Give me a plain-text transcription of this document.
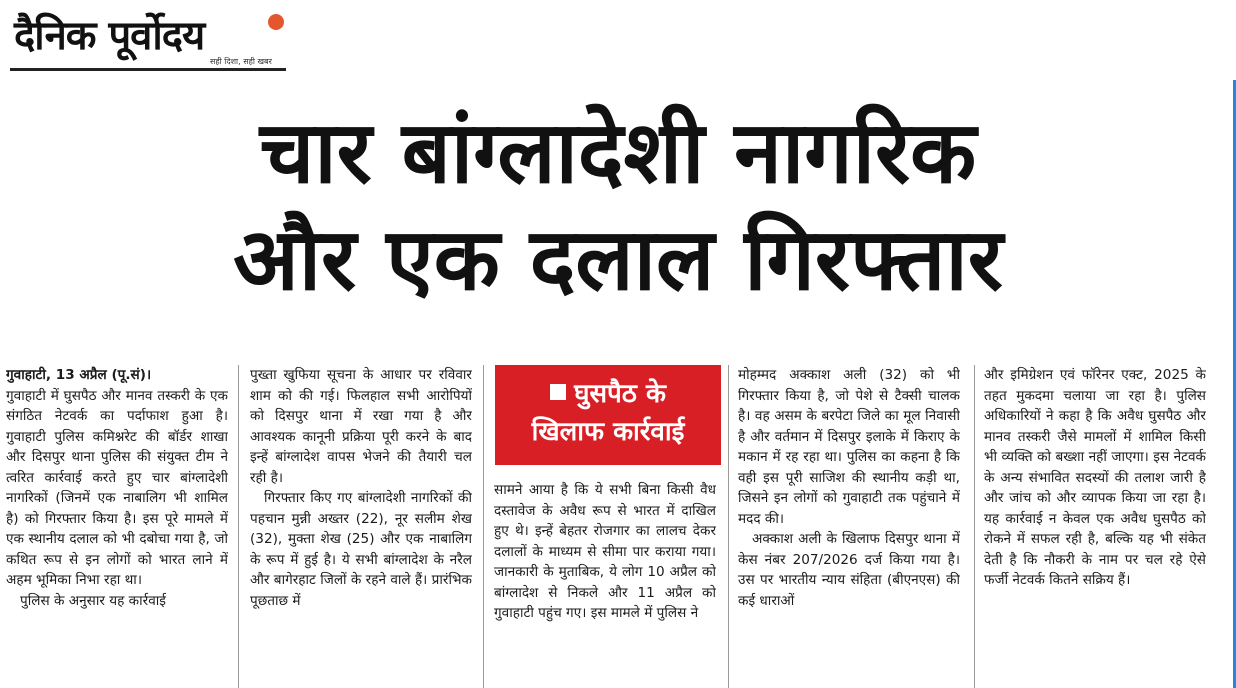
दैनिक पूर्वोदय
सही दिशा, सही खबर
चार बांग्लादेशी नागरिक
और एक दलाल गिरफ्तार

गुवाहाटी, 13 अप्रैल (पू.सं)।

गुवाहाटी में घुसपैठ और मानव तस्करी के एक संगठित नेटवर्क का पर्दाफाश हुआ है। गुवाहाटी पुलिस कमिश्नरेट की बॉर्डर शाखा और दिसपुर थाना पुलिस की संयुक्त टीम ने त्वरित कार्रवाई करते हुए चार बांग्लादेशी नागरिकों (जिनमें एक नाबालिग भी शामिल है) को गिरफ्तार किया है। इस पूरे मामले में एक स्थानीय दलाल को भी दबोचा गया है, जो कथित रूप से इन लोगों को भारत लाने में अहम भूमिका निभा रहा था।

पुलिस के अनुसार यह कार्रवाई

पुख्ता खुफिया सूचना के आधार पर रविवार शाम को की गई। फिलहाल सभी आरोपियों को दिसपुर थाना में रखा गया है और आवश्यक कानूनी प्रक्रिया पूरी करने के बाद इन्हें बांग्लादेश वापस भेजने की तैयारी चल रही है।

गिरफ्तार किए गए बांग्लादेशी नागरिकों की पहचान मुन्नी अख्तर (22), नूर सलीम शेख (32), मुक्ता शेख (25) और एक नाबालिग के रूप में हुई है। ये सभी बांग्लादेश के नरैल और बागेरहाट जिलों के रहने वाले हैं। प्रारंभिक पूछताछ में

घुसपैठ के
खिलाफ कार्रवाई

सामने आया है कि ये सभी बिना किसी वैध दस्तावेज के अवैध रूप से भारत में दाखिल हुए थे। इन्हें बेहतर रोजगार का लालच देकर दलालों के माध्यम से सीमा पार कराया गया। जानकारी के मुताबिक, ये लोग 10 अप्रैल को बांग्लादेश से निकले और 11 अप्रैल को गुवाहाटी पहुंच गए। इस मामले में पुलिस ने

मोहम्मद अक्काश अली (32) को भी गिरफ्तार किया है, जो पेशे से टैक्सी चालक है। वह असम के बरपेटा जिले का मूल निवासी है और वर्तमान में दिसपुर इलाके में किराए के मकान में रह रहा था। पुलिस का कहना है कि वही इस पूरी साजिश की स्थानीय कड़ी था, जिसने इन लोगों को गुवाहाटी तक पहुंचाने में मदद की।

अक्काश अली के खिलाफ दिसपुर थाना में केस नंबर 207/2026 दर्ज किया गया है। उस पर भारतीय न्याय संहिता (बीएनएस) की कई धाराओं

और इमिग्रेशन एवं फॉरेनर एक्ट, 2025 के तहत मुकदमा चलाया जा रहा है। पुलिस अधिकारियों ने कहा है कि अवैध घुसपैठ और मानव तस्करी जैसे मामलों में शामिल किसी भी व्यक्ति को बख्शा नहीं जाएगा। इस नेटवर्क के अन्य संभावित सदस्यों की तलाश जारी है और जांच को और व्यापक किया जा रहा है। यह कार्रवाई न केवल एक अवैध घुसपैठ को रोकने में सफल रही है, बल्कि यह भी संकेत देती है कि नौकरी के नाम पर चल रहे ऐसे फर्जी नेटवर्क कितने सक्रिय हैं।
